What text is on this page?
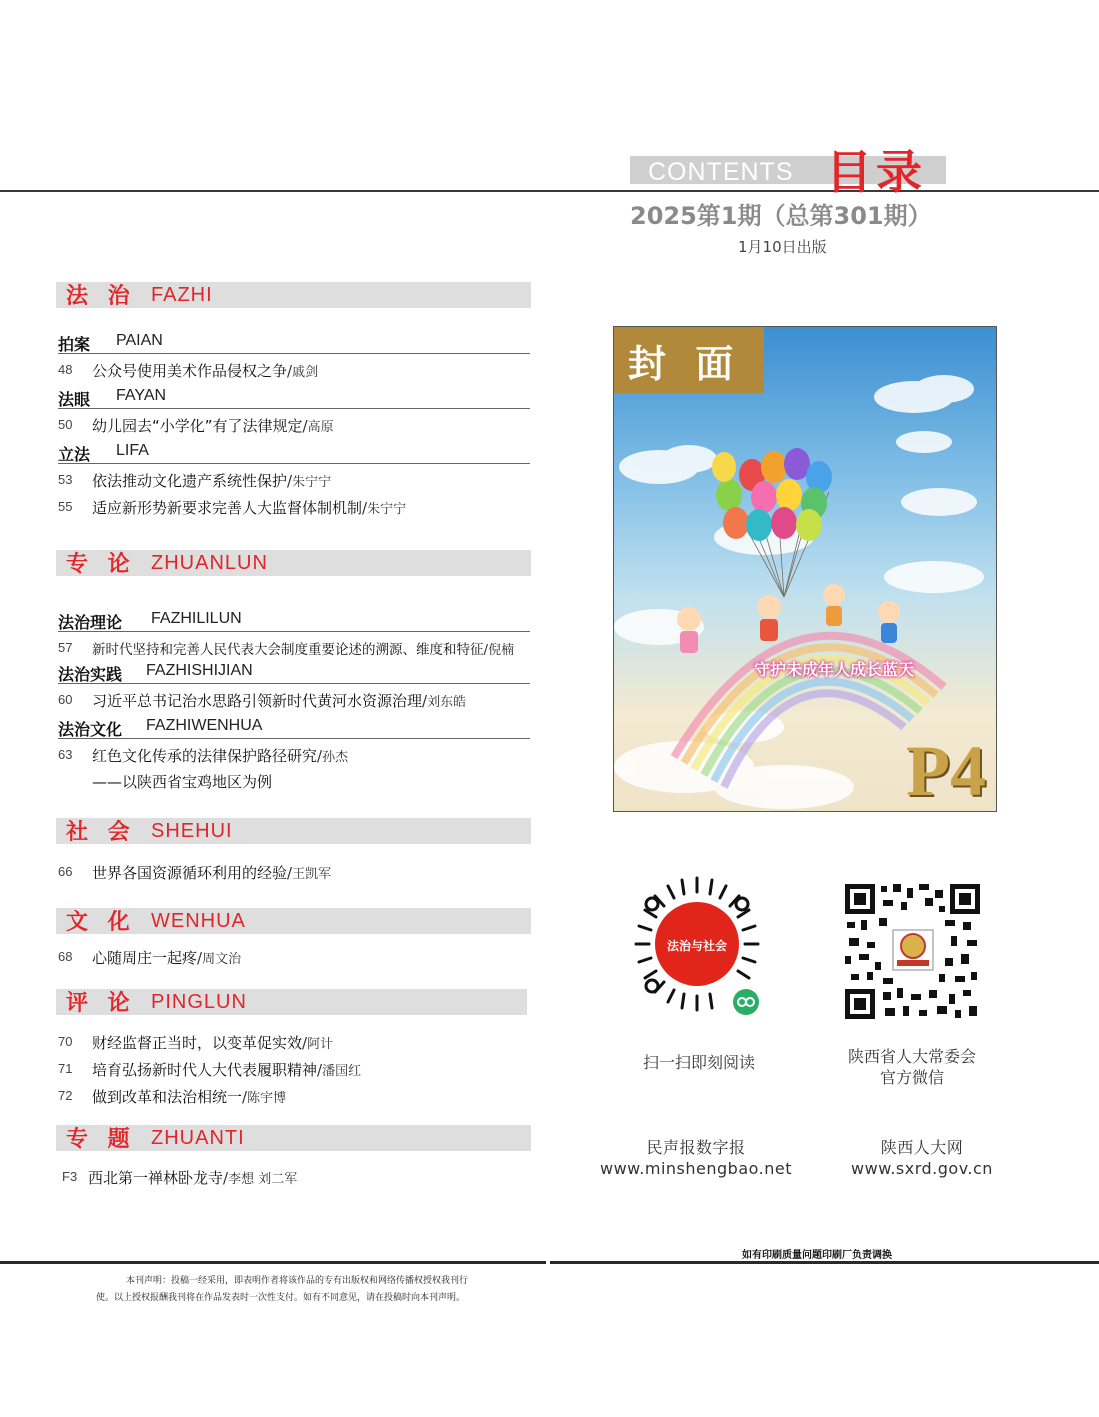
CONTENTS 目录
2025第1期（总第301期）
1月10日出版
法 治 FAZHI
拍案 PAIAN
48 公众号使用美术作品侵权之争/戚剑
法眼 FAYAN
50 幼儿园去“小学化”有了法律规定/高原
立法 LIFA
53 依法推动文化遗产系统性保护/朱宁宁
55 适应新形势新要求完善人大监督体制机制/朱宁宁
专 论 ZHUANLUN
法治理论 FAZHILILUN
57 新时代坚持和完善人民代表大会制度重要论述的溯源、维度和特征/倪楠
法治实践 FAZHISHIJIAN
60 习近平总书记治水思路引领新时代黄河水资源治理/刘东皓
法治文化 FAZHIWENHUA
63 红色文化传承的法律保护路径研究/孙杰
——以陕西省宝鸡地区为例
社 会 SHEHUI
66 世界各国资源循环利用的经验/王凯军
文 化 WENHUA
68 心随周庄一起疼/周文治
评 论 PINGLUN
70 财经监督正当时，以变革促实效/阿计
71 培育弘扬新时代人大代表履职精神/潘国红
72 做到改革和法治相统一/陈宇博
专 题 ZHUANTI
F3 西北第一禅林卧龙寺/李想 刘二军
封 面
守护未成年人成长蓝天
P4
法治与社会
扫一扫即刻阅读	陕西省人大常委会
官方微信
民声报数字报
www.minshengbao.net
陕西人大网
www.sxrd.gov.cn
如有印刷质量问题印刷厂负责调换
本刊声明：投稿一经采用，即表明作者将该作品的专有出版权和网络传播权授权我刊行
使。以上授权报酬我刊将在作品发表时一次性支付。如有不同意见，请在投稿时向本刊声明。
